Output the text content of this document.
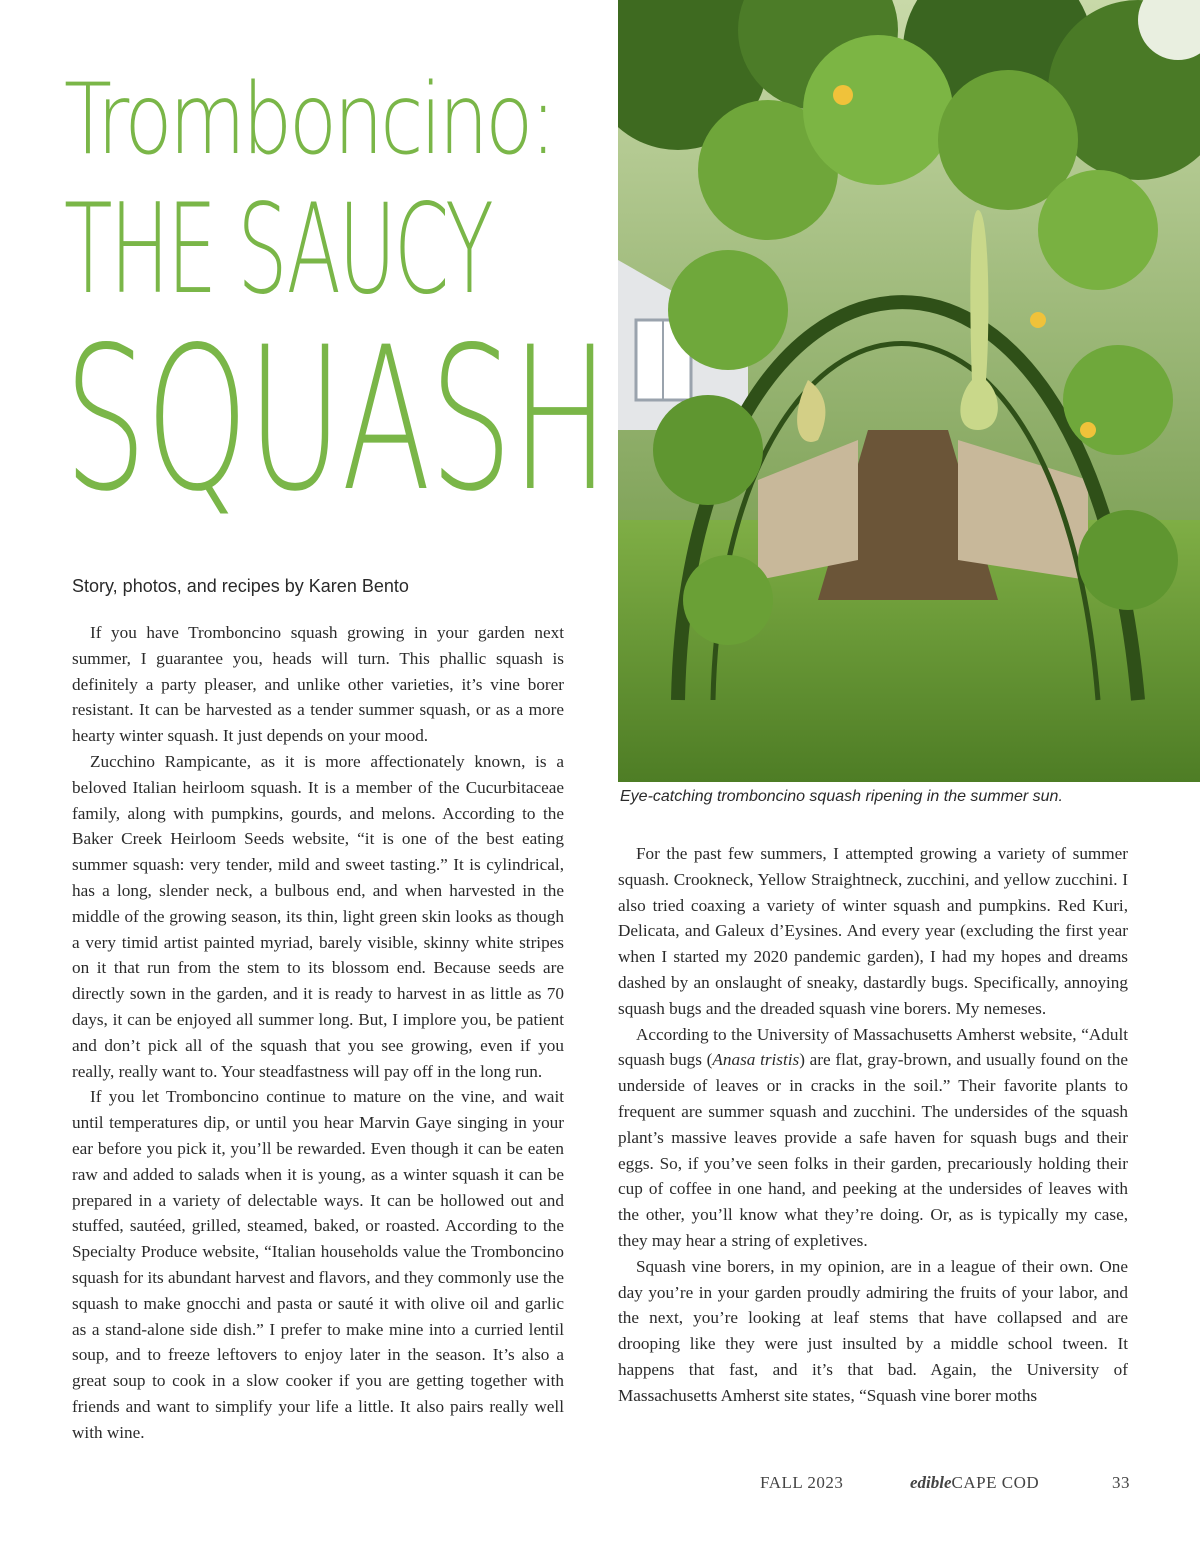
Tromboncino:
THE SAUCY
SQUASH

Story, photos, and recipes by Karen Bento

If you have Tromboncino squash growing in your garden next summer, I guarantee you, heads will turn. This phallic squash is definitely a party pleaser, and unlike other varieties, it’s vine borer resistant. It can be harvested as a tender summer squash, or as a more hearty winter squash. It just depends on your mood.

Zucchino Rampicante, as it is more affectionately known, is a beloved Italian heirloom squash. It is a member of the Cucurbitaceae family, along with pumpkins, gourds, and melons. According to the Baker Creek Heirloom Seeds website, “it is one of the best eating summer squash: very tender, mild and sweet tasting.” It is cylindrical, has a long, slender neck, a bulbous end, and when harvested in the middle of the growing season, its thin, light green skin looks as though a very timid artist painted myriad, barely visible, skinny white stripes on it that run from the stem to its blossom end. Because seeds are directly sown in the garden, and it is ready to harvest in as little as 70 days, it can be enjoyed all summer long. But, I implore you, be patient and don’t pick all of the squash that you see growing, even if you really, really want to. Your steadfastness will pay off in the long run.

If you let Tromboncino continue to mature on the vine, and wait until temperatures dip, or until you hear Marvin Gaye singing in your ear before you pick it, you’ll be rewarded. Even though it can be eaten raw and added to salads when it is young, as a winter squash it can be prepared in a variety of delectable ways. It can be hollowed out and stuffed, sautéed, grilled, steamed, baked, or roasted. According to the Specialty Produce website, “Italian households value the Tromboncino squash for its abundant harvest and flavors, and they commonly use the squash to make gnocchi and pasta or sauté it with olive oil and garlic as a stand-alone side dish.” I prefer to make mine into a curried lentil soup, and to freeze leftovers to enjoy later in the season. It’s also a great soup to cook in a slow cooker if you are getting together with friends and want to simplify your life a little. It also pairs really well with wine.

Eye-catching tromboncino squash ripening in the summer sun.

For the past few summers, I attempted growing a variety of summer squash. Crookneck, Yellow Straightneck, zucchini, and yellow zucchini. I also tried coaxing a variety of winter squash and pumpkins. Red Kuri, Delicata, and Galeux d’Eysines. And every year (excluding the first year when I started my 2020 pandemic garden), I had my hopes and dreams dashed by an onslaught of sneaky, dastardly bugs. Specifically, annoying squash bugs and the dreaded squash vine borers. My nemeses.

According to the University of Massachusetts Amherst website, “Adult squash bugs (Anasa tristis) are flat, gray-brown, and usually found on the underside of leaves or in cracks in the soil.” Their favorite plants to frequent are summer squash and zucchini. The undersides of the squash plant’s massive leaves provide a safe haven for squash bugs and their eggs. So, if you’ve seen folks in their garden, precariously holding their cup of coffee in one hand, and peeking at the undersides of leaves with the other, you’ll know what they’re doing. Or, as is typically my case, they may hear a string of expletives.

Squash vine borers, in my opinion, are in a league of their own. One day you’re in your garden proudly admiring the fruits of your labor, and the next, you’re looking at leaf stems that have collapsed and are drooping like they were just insulted by a middle school tween. It happens that fast, and it’s that bad. Again, the University of Massachusetts Amherst site states, “Squash vine borer moths

FALL 2023	edible CAPE COD	33
